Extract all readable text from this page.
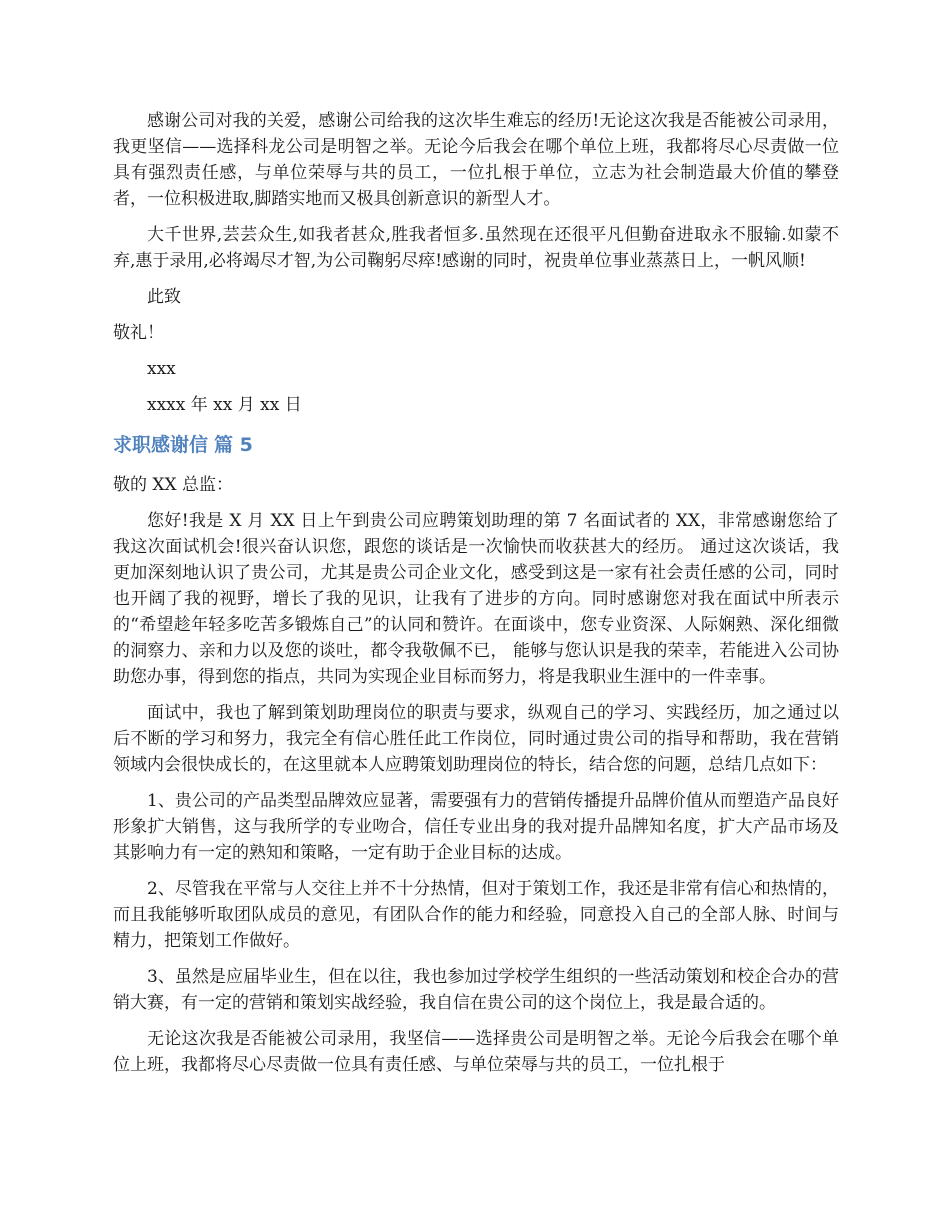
感谢公司对我的关爱，感谢公司给我的这次毕生难忘的经历!无论这次我是否能被公司录用，我更坚信——选择科龙公司是明智之举。无论今后我会在哪个单位上班，我都将尽心尽责做一位具有强烈责任感，与单位荣辱与共的员工，一位扎根于单位，立志为社会制造最大价值的攀登者，一位积极进取,脚踏实地而又极具创新意识的新型人才。

大千世界,芸芸众生,如我者甚众,胜我者恒多.虽然现在还很平凡但勤奋进取永不服输.如蒙不弃,惠于录用,必将竭尽才智,为公司鞠躬尽瘁!感谢的同时，祝贵单位事业蒸蒸日上，一帆风顺!

此致

敬礼！

xxx

xxxx 年 xx 月 xx 日

求职感谢信 篇 5

敬的 XX 总监：

您好!我是 X 月 XX 日上午到贵公司应聘策划助理的第 7 名面试者的 XX，非常感谢您给了我这次面试机会!很兴奋认识您，跟您的谈话是一次愉快而收获甚大的经历。 通过这次谈话，我更加深刻地认识了贵公司，尤其是贵公司企业文化，感受到这是一家有社会责任感的公司，同时也开阔了我的视野，增长了我的见识，让我有了进步的方向。同时感谢您对我在面试中所表示的“希望趁年轻多吃苦多锻炼自己”的认同和赞许。在面谈中，您专业资深、人际娴熟、深化细微的洞察力、亲和力以及您的谈吐，都令我敬佩不已， 能够与您认识是我的荣幸，若能进入公司协助您办事，得到您的指点，共同为实现企业目标而努力，将是我职业生涯中的一件幸事。

面试中，我也了解到策划助理岗位的职责与要求，纵观自己的学习、实践经历，加之通过以后不断的学习和努力，我完全有信心胜任此工作岗位，同时通过贵公司的指导和帮助，我在营销领域内会很快成长的，在这里就本人应聘策划助理岗位的特长，结合您的问题，总结几点如下：

1、贵公司的产品类型品牌效应显著，需要强有力的营销传播提升品牌价值从而塑造产品良好形象扩大销售，这与我所学的专业吻合，信任专业出身的我对提升品牌知名度，扩大产品市场及其影响力有一定的熟知和策略，一定有助于企业目标的达成。

2、尽管我在平常与人交往上并不十分热情，但对于策划工作，我还是非常有信心和热情的，而且我能够听取团队成员的意见，有团队合作的能力和经验，同意投入自己的全部人脉、时间与精力，把策划工作做好。

3、虽然是应届毕业生，但在以往，我也参加过学校学生组织的一些活动策划和校企合办的营销大赛，有一定的营销和策划实战经验，我自信在贵公司的这个岗位上，我是最合适的。

无论这次我是否能被公司录用，我坚信——选择贵公司是明智之举。无论今后我会在哪个单位上班，我都将尽心尽责做一位具有责任感、与单位荣辱与共的员工，一位扎根于
